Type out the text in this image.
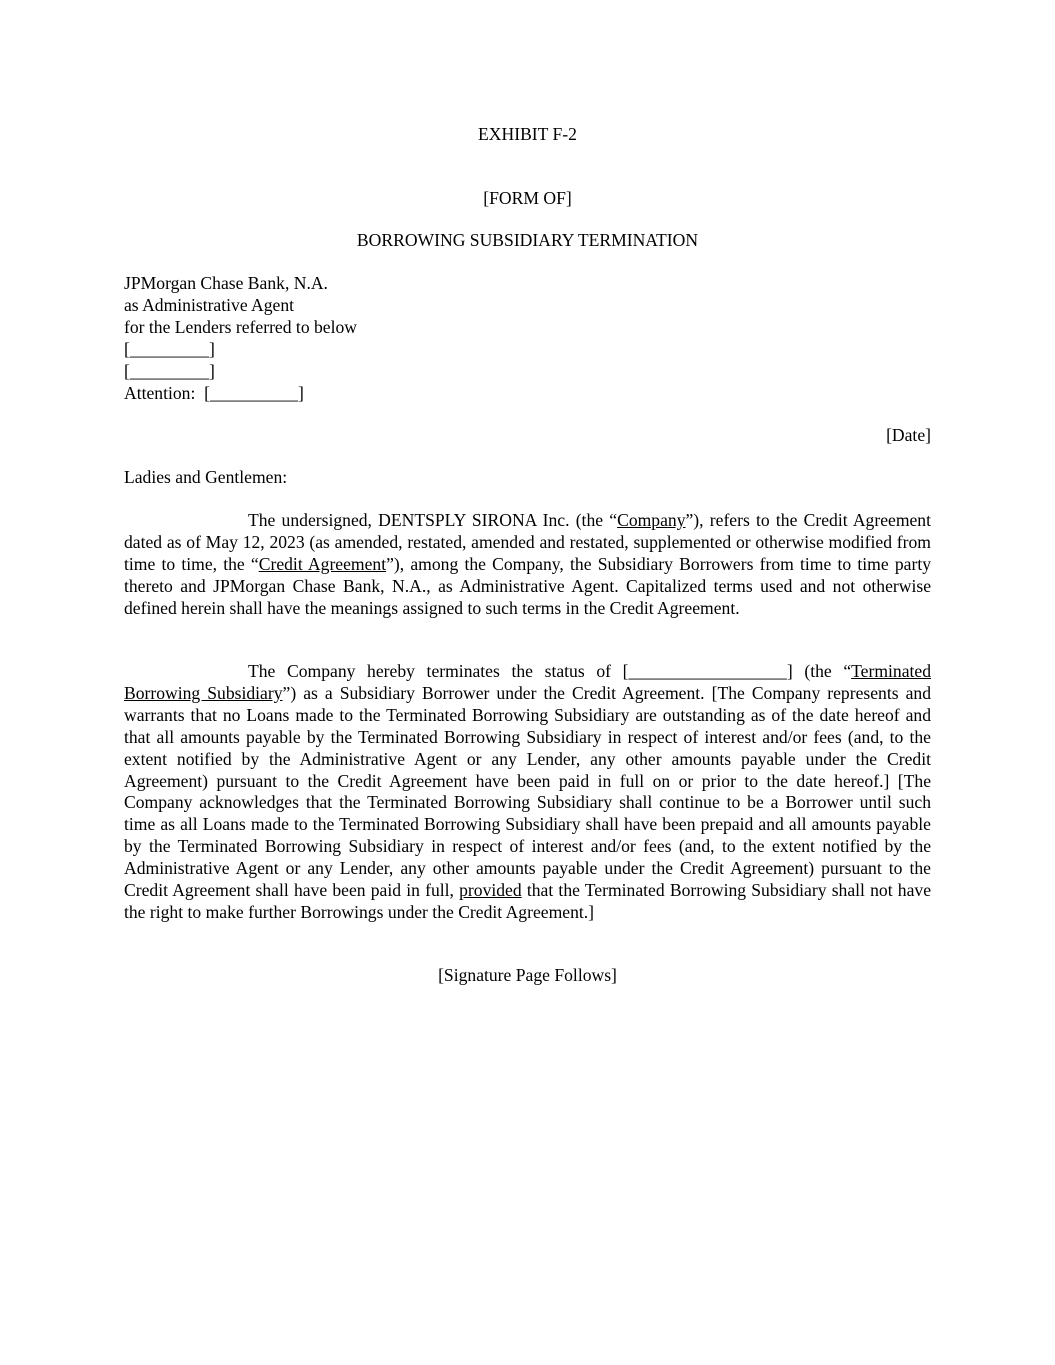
EXHIBIT F-2
[FORM OF]
BORROWING SUBSIDIARY TERMINATION
JPMorgan Chase Bank, N.A.
as Administrative Agent
for the Lenders referred to below
[_________]
[_________]
Attention:  [__________]
[Date]
Ladies and Gentlemen:
The undersigned, DENTSPLY SIRONA Inc. (the “Company”), refers to the Credit Agreement dated as of May 12, 2023 (as amended, restated, amended and restated, supplemented or otherwise modified from time to time, the “Credit Agreement”), among the Company, the Subsidiary Borrowers from time to time party thereto and JPMorgan Chase Bank, N.A., as Administrative Agent. Capitalized terms used and not otherwise defined herein shall have the meanings assigned to such terms in the Credit Agreement.
The Company hereby terminates the status of [__________________] (the “Terminated Borrowing Subsidiary”) as a Subsidiary Borrower under the Credit Agreement. [The Company represents and warrants that no Loans made to the Terminated Borrowing Subsidiary are outstanding as of the date hereof and that all amounts payable by the Terminated Borrowing Subsidiary in respect of interest and/or fees (and, to the extent notified by the Administrative Agent or any Lender, any other amounts payable under the Credit Agreement) pursuant to the Credit Agreement have been paid in full on or prior to the date hereof.] [The Company acknowledges that the Terminated Borrowing Subsidiary shall continue to be a Borrower until such time as all Loans made to the Terminated Borrowing Subsidiary shall have been prepaid and all amounts payable by the Terminated Borrowing Subsidiary in respect of interest and/or fees (and, to the extent notified by the Administrative Agent or any Lender, any other amounts payable under the Credit Agreement) pursuant to the Credit Agreement shall have been paid in full, provided that the Terminated Borrowing Subsidiary shall not have the right to make further Borrowings under the Credit Agreement.]
[Signature Page Follows]
